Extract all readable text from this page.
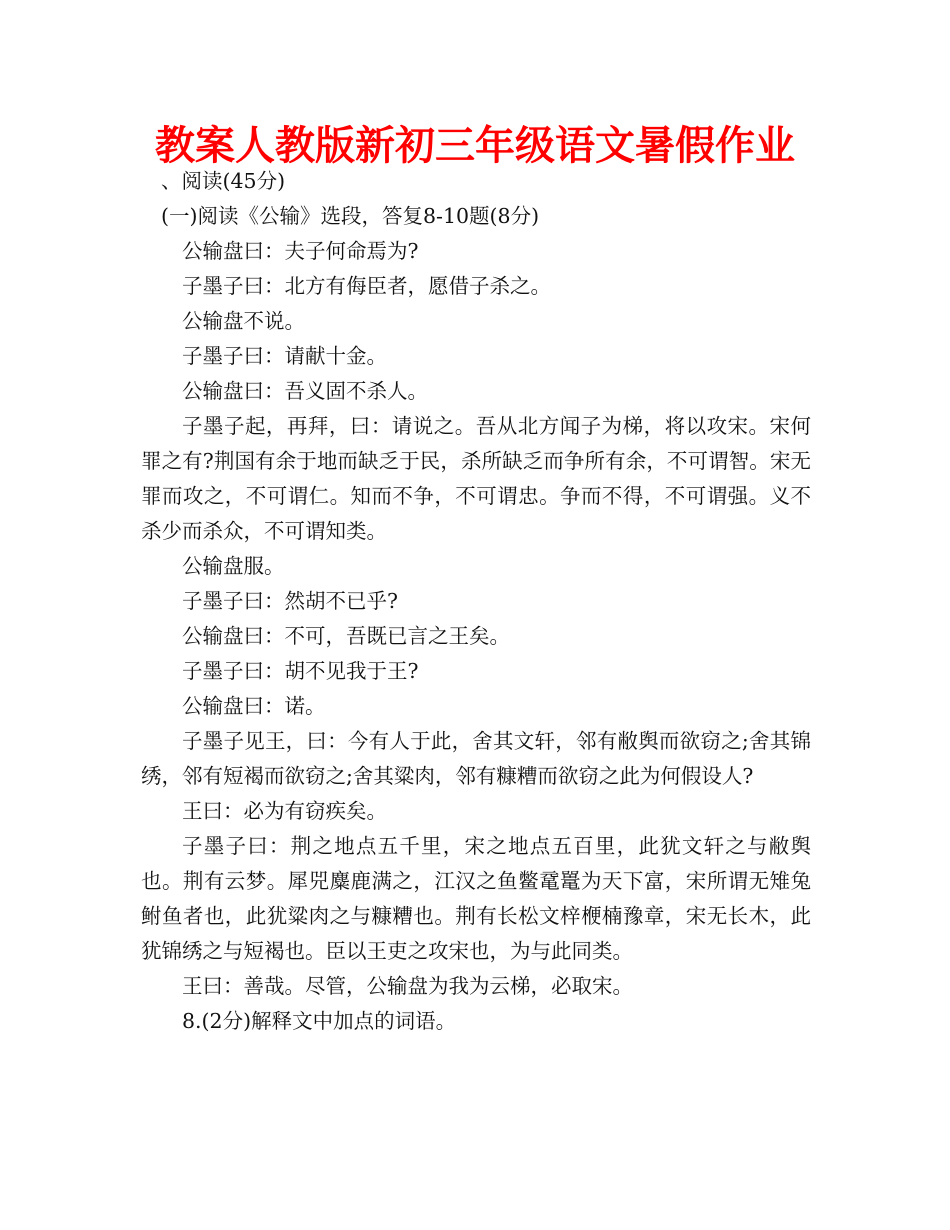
教案人教版新初三年级语文暑假作业

、阅读(45分)

(一)阅读《公输》选段，答复8-10题(8分)

公输盘曰：夫子何命焉为?

子墨子曰：北方有侮臣者，愿借子杀之。

公输盘不说。

子墨子曰：请献十金。

公输盘曰：吾义固不杀人。

子墨子起，再拜，曰：请说之。吾从北方闻子为梯，将以攻宋。宋何罪之有?荆国有余于地而缺乏于民，杀所缺乏而争所有余，不可谓智。宋无罪而攻之，不可谓仁。知而不争，不可谓忠。争而不得，不可谓强。义不杀少而杀众，不可谓知类。

公输盘服。

子墨子曰：然胡不已乎?

公输盘曰：不可，吾既已言之王矣。

子墨子曰：胡不见我于王?

公输盘曰：诺。

子墨子见王，曰：今有人于此，舍其文轩，邻有敝舆而欲窃之;舍其锦绣，邻有短褐而欲窃之;舍其粱肉，邻有糠糟而欲窃之此为何假设人?

王曰：必为有窃疾矣。

子墨子曰：荆之地点五千里，宋之地点五百里，此犹文轩之与敝舆也。荆有云梦。犀兕麋鹿满之，江汉之鱼鳖鼋鼍为天下富，宋所谓无雉兔鲋鱼者也，此犹粱肉之与糠糟也。荆有长松文梓楩楠豫章，宋无长木，此犹锦绣之与短褐也。臣以王吏之攻宋也，为与此同类。

王曰：善哉。尽管，公输盘为我为云梯，必取宋。

8.(2分)解释文中加点的词语。
